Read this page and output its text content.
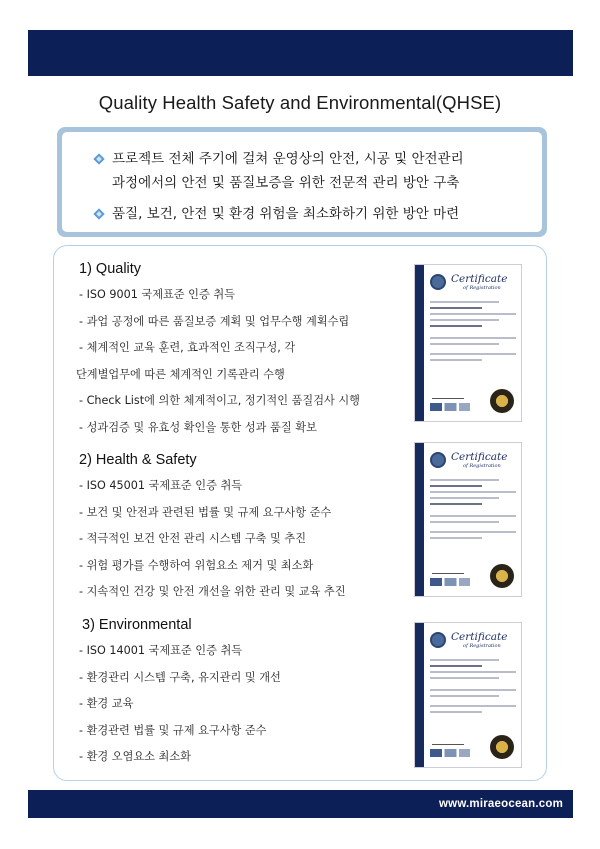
Quality Health Safety and Environmental(QHSE)
프로젝트 전체 주기에 걸쳐 운영상의 안전, 시공 및 안전관리
과정에서의 안전 및 품질보증을 위한 전문적 관리 방안 구축
품질, 보건, 안전 및 환경 위험을 최소화하기 위한 방안 마련
1) Quality
- ISO 9001 국제표준 인증 취득
- 과업 공정에 따른 품질보증 계획 및 업무수행 계획수립
- 체계적인 교육 훈련, 효과적인 조직구성, 각
단계별업무에 따른 체계적인 기록관리 수행
- Check List에 의한 체계적이고, 정기적인 품질검사 시행
- 성과검증 및 유효성 확인을 통한 성과 품질 확보
2) Health & Safety
- ISO 45001 국제표준 인증 취득
- 보건 및 안전과 관련된 법률 및 규제 요구사항 준수
- 적극적인 보건 안전 관리 시스템 구축 및 추진
- 위험 평가를 수행하여 위험요소 제거 및 최소화
- 지속적인 건강 및 안전 개선을 위한 관리 및 교육 추진
3) Environmental
- ISO 14001 국제표준 인증 취득
- 환경관리 시스템 구축, 유지관리 및 개선
- 환경 교육
- 환경관련 법률 및 규제 요구사항 준수
- 환경 오염요소 최소화
Certificate
of Registration
Certificate
of Registration
Certificate
of Registration
www.miraeocean.com
